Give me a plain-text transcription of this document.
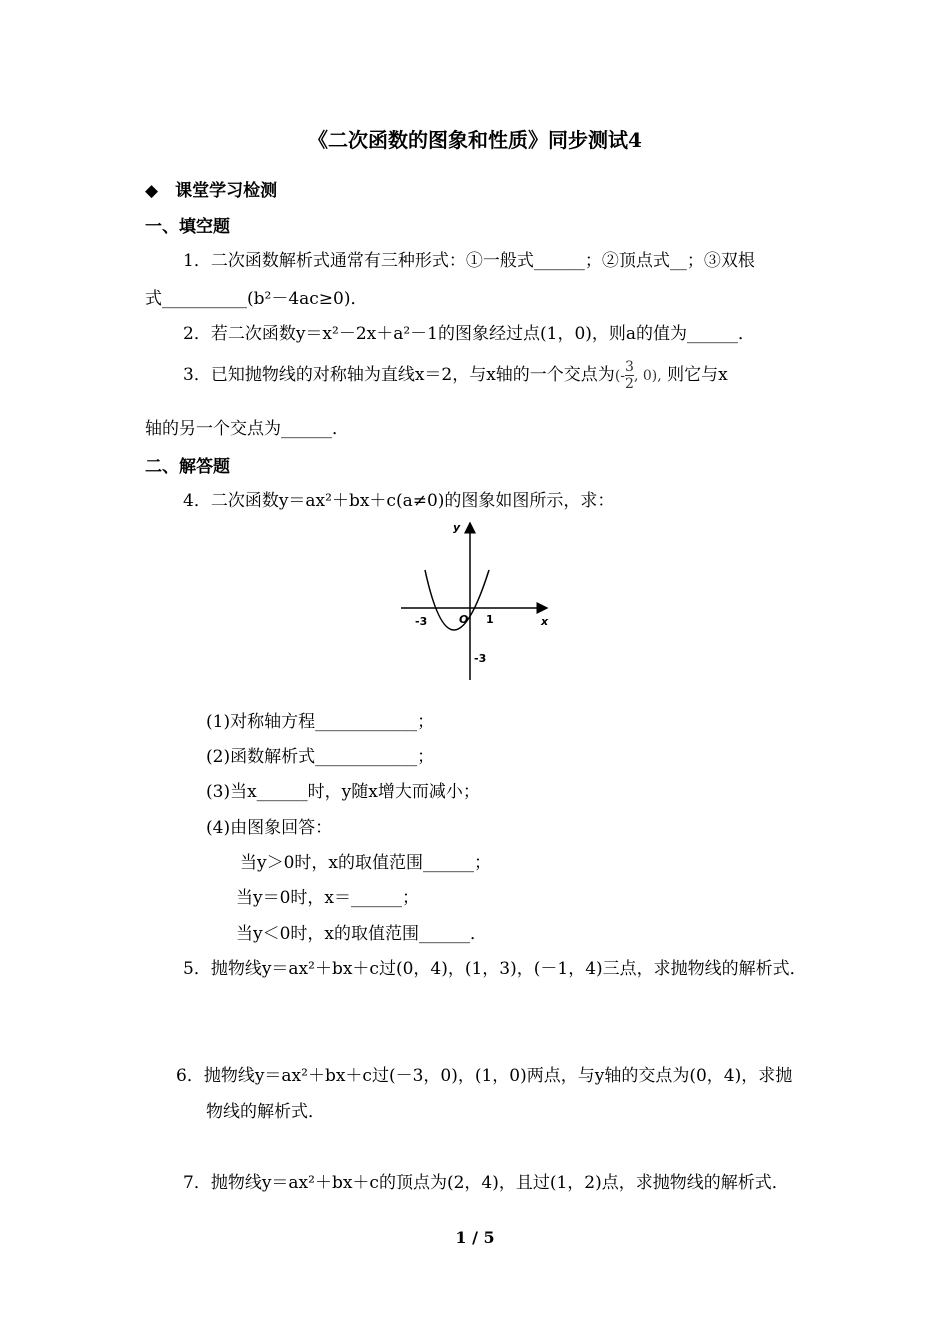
《二次函数的图象和性质》同步测试4
◆　课堂学习检测
一、填空题
1．二次函数解析式通常有三种形式：①一般式______；②顶点式__；③双根
式__________(b²－4ac≥0)．
2．若二次函数y＝x²－2x＋a²－1的图象经过点(1，0)，则a的值为______．
3．已知抛物线的对称轴为直线x＝2，与x轴的一个交点为(- $\frac{3}{2}$ , 0), 则它与x
轴的另一个交点为______．
二、解答题
4．二次函数y＝ax²＋bx＋c(a≠0)的图象如图所示，求：
x
y
O
-3	1
-3
(1)对称轴方程____________；
(2)函数解析式____________；
(3)当x______时，y随x增大而减小；
(4)由图象回答：
当y＞0时，x的取值范围______；
当y＝0时，x＝______；
当y＜0时，x的取值范围______．
5．抛物线y＝ax²＋bx＋c过(0，4)，(1，3)，(－1，4)三点，求抛物线的解析式．
6．抛物线y＝ax²＋bx＋c过(－3，0)，(1，0)两点，与y轴的交点为(0，4)，求抛
物线的解析式．
7．抛物线y＝ax²＋bx＋c的顶点为(2，4)，且过(1，2)点，求抛物线的解析式．
1 / 5
